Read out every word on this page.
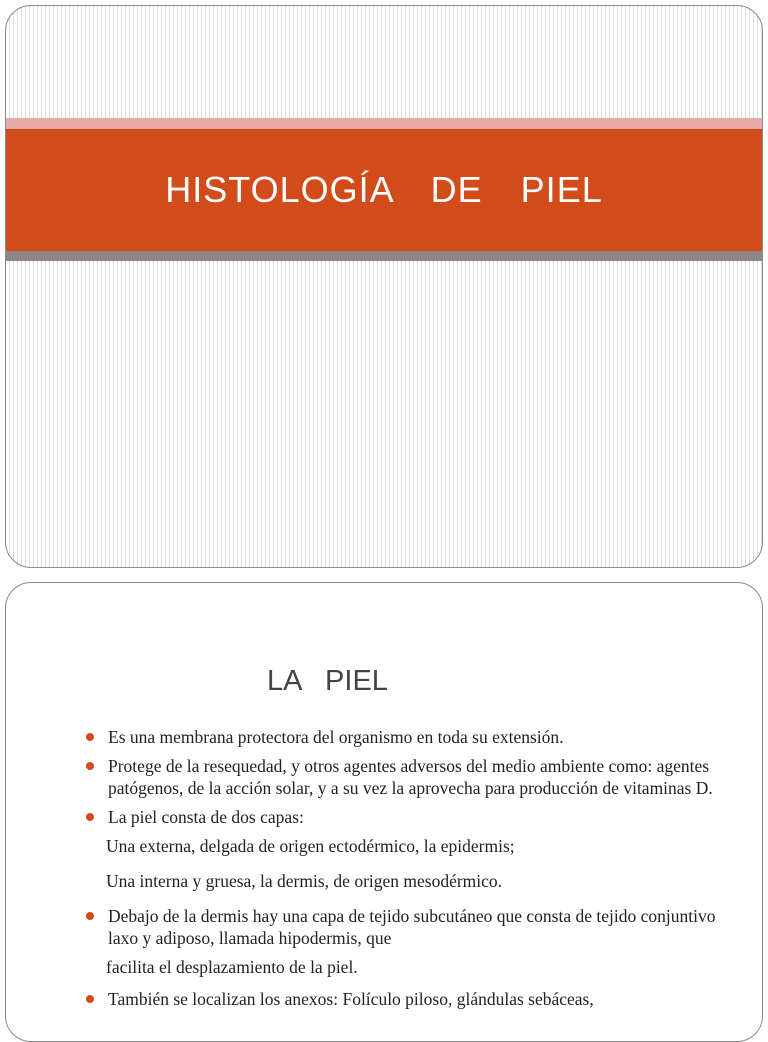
HISTOLOGÍA  DE  PIEL
LA   PIEL
Es una membrana protectora del organismo en toda su extensión.
Protege de la resequedad, y otros agentes adversos del medio ambiente como: agentes patógenos, de la acción solar, y a su vez la aprovecha para producción de vitaminas D.
La piel consta de dos capas:
Una externa, delgada de origen ectodérmico, la epidermis;
Una interna y gruesa, la dermis, de origen mesodérmico.
Debajo de la dermis hay una capa de tejido subcutáneo que consta de tejido conjuntivo laxo y adiposo, llamada hipodermis, que
facilita el desplazamiento de la piel.
También se localizan los anexos: Folículo piloso, glándulas sebáceas,
